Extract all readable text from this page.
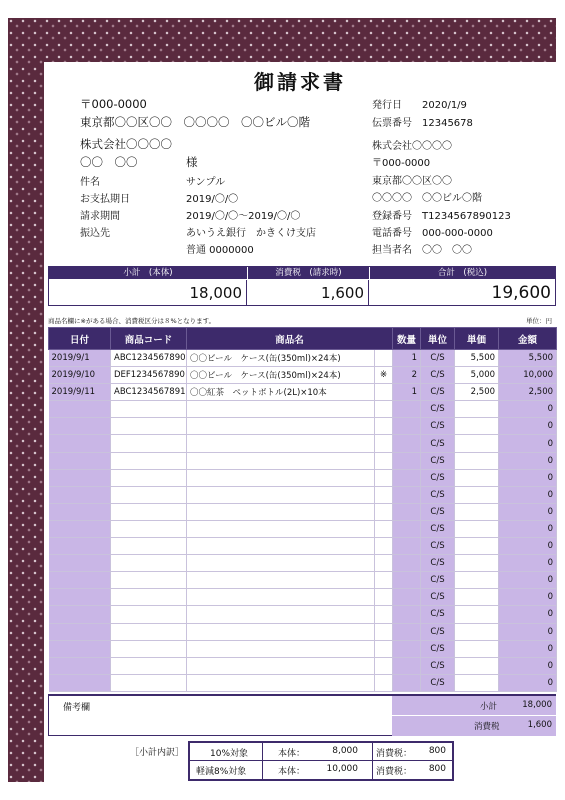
御請求書
〒000-0000
東京都〇〇区〇〇　〇〇〇〇　〇〇ビル〇階
株式会社〇〇〇〇
〇〇　〇〇	様
件名	サンプル
お支払期日	2019/〇/〇
請求期間	2019/〇/〇～2019/〇/〇
振込先	あいうえ銀行　かきくけ支店
普通 0000000
発行日 2020/1/9
伝票番号 12345678
株式会社〇〇〇〇
〒000-0000
東京都〇〇区〇〇
〇〇〇〇　〇〇ビル〇階
登録番号 T1234567890123
電話番号 000-000-0000
担当者名 〇〇　〇〇
小計　(本体)	消費税　(請求時)	合計　(税込)
18,000	1,600	19,600
商品名欄に※がある場合、消費税区分は８%となります。	単位：円
日付	商品コード	商品名		数量	単位	単価	金額
2019/9/1	ABC1234567890	〇〇ビール　ケース(缶(350ml)×24本)		1	C/S	5,500	5,500
2019/9/10	DEF1234567890	〇〇ビール　ケース(缶(350ml)×24本)	※	2	C/S	5,000	10,000
2019/9/11	ABC1234567891	〇〇紅茶　ペットボトル(2L)×10本		1	C/S	2,500	2,500
					C/S		0
					C/S		0
					C/S		0
					C/S		0
					C/S		0
					C/S		0
					C/S		0
					C/S		0
					C/S		0
					C/S		0
					C/S		0
					C/S		0
					C/S		0
					C/S		0
					C/S		0
					C/S		0
					C/S		0
備考欄	小計	18,000
消費税	1,600
［小計内訳］	10%対象	本体：	8,000 消費税： 800
軽減8%対象	本体： 10,000 消費税： 800
